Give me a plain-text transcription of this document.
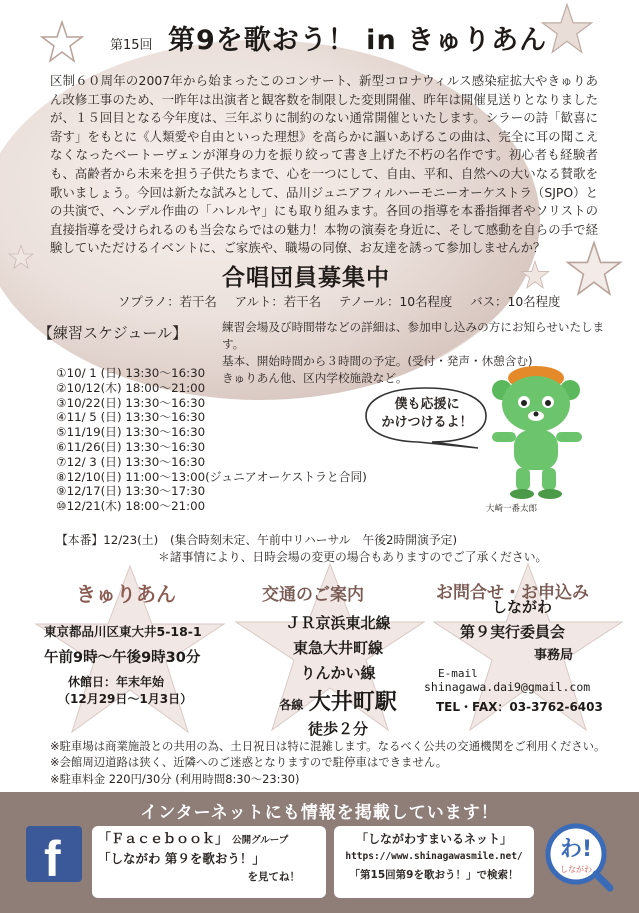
第15回 第9を歌おう！ in きゅりあん
区制６０周年の2007年から始まったこのコンサート、新型コロナウィルス感染症拡大やきゅりあん改修工事のため、一昨年は出演者と観客数を制限した変則開催、昨年は開催見送りとなりましたが、１５回目となる今年度は、三年ぶりに制約のない通常開催といたします。シラーの詩「歓喜に寄す」をもとに《人類愛や自由といった理想》を高らかに謳いあげるこの曲は、完全に耳の聞こえなくなったベートーヴェンが渾身の力を振り絞って書き上げた不朽の名作です。初心者も経験者も、高齢者から未来を担う子供たちまで、心を一つにして、自由、平和、自然への大いなる賛歌を歌いましょう。今回は新たな試みとして、品川ジュニアフィルハーモニーオーケストラ（SJPO）との共演で、ヘンデル作曲の「ハレルヤ」にも取り組みます。各回の指導を本番指揮者やソリストの直接指導を受けられるのも当会ならではの魅力！本物の演奏を身近に、そして感動を自らの手で経験していただけるイベントに、ご家族や、職場の同僚、お友達を誘って参加しませんか？
合唱団員募集中
ソプラノ：若干名 アルト：若干名 テノール：10名程度 バス：10名程度
【練習スケジュール】	練習会場及び時間帯などの詳細は、参加申し込みの方にお知らせいたします。
基本、開始時間から３時間の予定。(受付・発声・休憩含む)
きゅりあん他、区内学校施設など。
①10/ 1 (日) 13:30～16:30
②10/12(木) 18:00～21:00
③10/22(日) 13:30～16:30
④11/ 5 (日) 13:30～16:30
⑤11/19(日) 13:30～16:30
⑥11/26(日) 13:30～16:30
⑦12/ 3 (日) 13:30～16:30
⑧12/10(日) 11:00～13:00(ジュニアオーケストラと合同)
⑨12/17(日) 13:30～17:30
⑩12/21(木) 18:00～21:00
【本番】12/23(土)　(集合時刻未定、午前中リハーサル　午後2時開演予定)
＊諸事情により、日時会場の変更の場合もありますのでご了承ください。
僕も応援に
かけつけるよ！
大崎一番太郎
きゅりあん	交通のご案内	お問合せ・お申込み
東京都品川区東大井5-18-1
午前9時～午後9時30分
休館日：年末年始
（12月29日～1月3日）
ＪＲ京浜東北線
東急大井町線
りんかい線
各線 大井町駅
徒歩２分
しながわ
第９実行委員会
事務局
E-mail
shinagawa.dai9@gmail.com
TEL・FAX：03-3762-6403
※駐車場は商業施設との共用の為、土日祝日は特に混雑します。なるべく公共の交通機関をご利用ください。
※会館周辺道路は狭く、近隣へのご迷惑となりますので駐停車はできません。
※駐車料金 220円/30分 (利用時間8:30～23:30)
インターネットにも情報を掲載しています！
f	「Ｆａｃｅｂｏｏｋ」 公開グループ
「しながわ 第９を歌おう！」
を見てね！
「しながわすまいるネット」
https://www.shinagawasmile.net/
「第15回第9を歌おう！」で検索！
わ!
しながわ
